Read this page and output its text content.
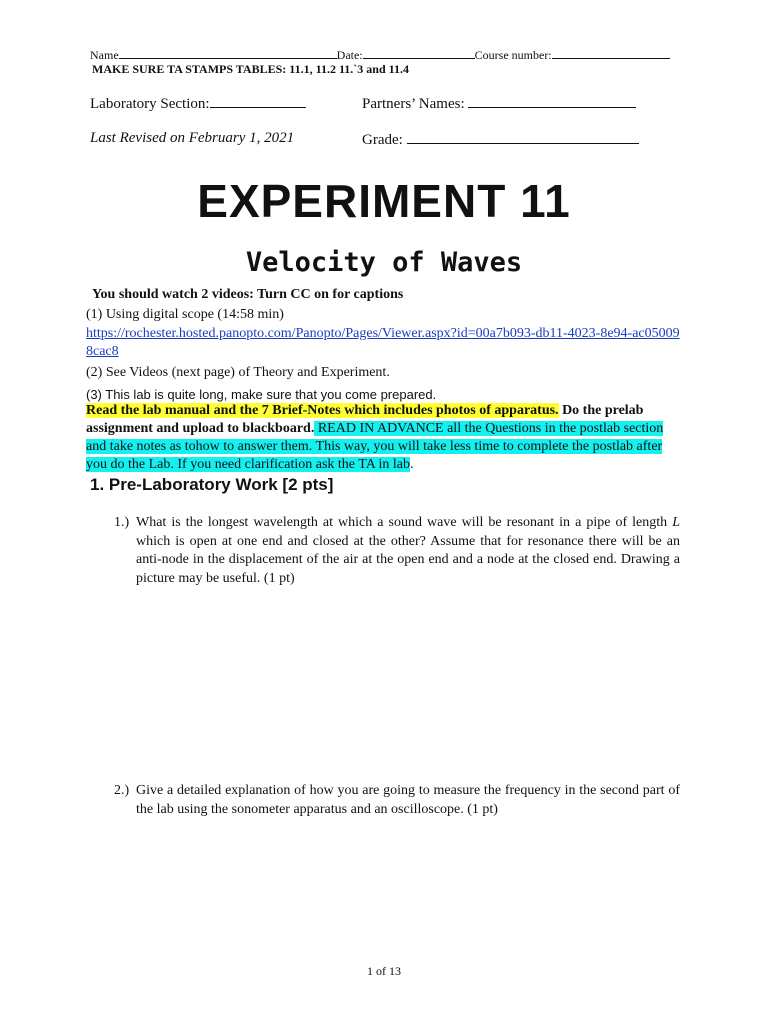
Name	Date:	Course number:
MAKE SURE TA STAMPS TABLES: 11.1, 11.2 11.`3 and 11.4
Laboratory Section:	Partners’ Names:
Last Revised on February 1, 2021	Grade:
EXPERIMENT 11
Velocity of Waves
You should watch 2 videos: Turn CC on for captions
(1) Using digital scope (14:58 min)
https://rochester.hosted.panopto.com/Panopto/Pages/Viewer.aspx?id=00a7b093-db11-4023-8e94-ac050098cac8
(2) See Videos (next page) of Theory and Experiment.
(3) This lab is quite long, make sure that you come prepared.
Read the lab manual and the 7 Brief-Notes which includes photos of apparatus. Do the prelab assignment and upload to blackboard. READ IN ADVANCE all the Questions in the postlab section and take notes as tohow to answer them. This way, you will take less time to complete the postlab after you do the Lab. If you need clarification ask the TA in lab.
1. Pre-Laboratory Work [2 pts]
1.) What is the longest wavelength at which a sound wave will be resonant in a pipe of length L which is open at one end and closed at the other? Assume that for resonance there will be an anti-node in the displacement of the air at the open end and a node at the closed end. Drawing a picture may be useful. (1 pt)
2.) Give a detailed explanation of how you are going to measure the frequency in the second part of the lab using the sonometer apparatus and an oscilloscope. (1 pt)
1 of 13
